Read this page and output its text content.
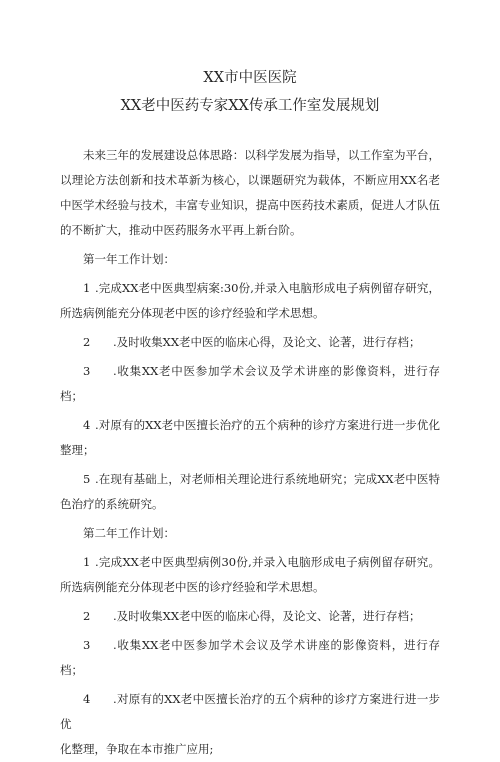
XX市中医医院
XX老中医药专家XX传承工作室发展规划

未来三年的发展建设总体思路：以科学发展为指导，以工作室为平台，以理论方法创新和技术革新为核心，以课题研究为载体，不断应用XX名老中医学术经验与技术，丰富专业知识，提高中医药技术素质，促进人才队伍的不断扩大，推动中医药服务水平再上新台阶。

第一年工作计划：

1 .完成XX老中医典型病案:30份,并录入电脑形成电子病例留存研究，所选病例能充分体现老中医的诊疗经验和学术思想。

2 .及时收集XX老中医的临床心得，及论文、论著，进行存档；

3 .收集XX老中医参加学术会议及学术讲座的影像资料，进行存档；

4 .对原有的XX老中医擅长治疗的五个病种的诊疗方案进行进一步优化整理；

5 .在现有基础上，对老师相关理论进行系统地研究；完成XX老中医特色治疗的系统研究。

第二年工作计划：

1 .完成XX老中医典型病例30份,并录入电脑形成电子病例留存研究。所选病例能充分体现老中医的诊疗经验和学术思想。

2 .及时收集XX老中医的临床心得，及论文、论著，进行存档；

3 .收集XX老中医参加学术会议及学术讲座的影像资料，进行存档；

4 .对原有的XX老中医擅长治疗的五个病种的诊疗方案进行进一步优

化整理，争取在本市推广应用;
